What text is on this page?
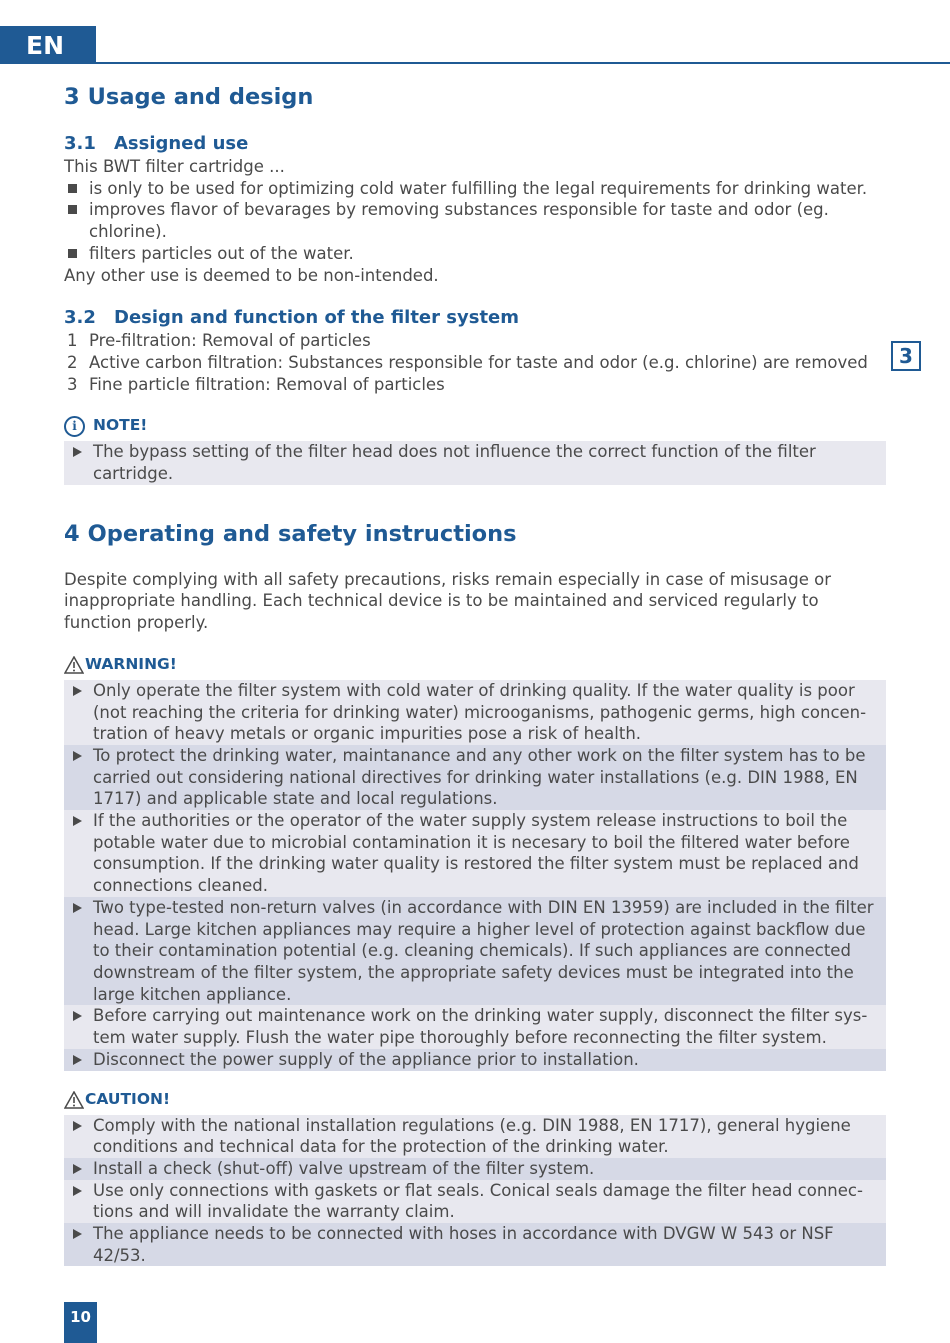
EN
3
3 Usage and design
3.1 Assigned use

This BWT filter cartridge ...

is only to be used for optimizing cold water fulfilling the legal requirements for drinking water.
improves flavor of bevarages by removing substances responsible for taste and odor (eg. chlorine).
filters particles out of the water.

Any other use is deemed to be non-intended.

3.2 Design and function of the filter system
1 Pre-filtration: Removal of particles
2 Active carbon filtration: Substances responsible for taste and odor (e.g. chlorine) are removed
3 Fine particle filtration: Removal of particles
i	NOTE!
The bypass setting of the filter head does not influence the correct function of the filter cartridge.
4 Operating and safety instructions

Despite complying with all safety precautions, risks remain especially in case of misusage or inappropriate handling. Each technical device is to be maintained and serviced regularly to function properly.

WARNING!
Only operate the filter system with cold water of drinking quality. If the water quality is poor (not reaching the criteria for drinking water) microoganisms, pathogenic germs, high concen-tration of heavy metals or organic impurities pose a risk of health.
To protect the drinking water, maintanance and any other work on the filter system has to be carried out considering national directives for drinking water installations (e.g. DIN 1988, EN 1717) and applicable state and local regulations.
If the authorities or the operator of the water supply system release instructions to boil the potable water due to microbial contamination it is necesary to boil the filtered water before consumption. If the drinking water quality is restored the filter system must be replaced and connections cleaned.
Two type-tested non-return valves (in accordance with DIN EN 13959) are included in the filter head. Large kitchen appliances may require a higher level of protection against backflow due to their contamination potential (e.g. cleaning chemicals). If such appliances are connected downstream of the filter system, the appropriate safety devices must be integrated into the large kitchen appliance.
Before carrying out maintenance work on the drinking water supply, disconnect the filter sys-tem water supply. Flush the water pipe thoroughly before reconnecting the filter system.
Disconnect the power supply of the appliance prior to installation.
CAUTION!
Comply with the national installation regulations (e.g. DIN 1988, EN 1717), general hygiene conditions and technical data for the protection of the drinking water.
Install a check (shut-off) valve upstream of the filter system.
Use only connections with gaskets or flat seals. Conical seals damage the filter head connec-tions and will invalidate the warranty claim.
The appliance needs to be connected with hoses in accordance with DVGW W 543 or NSF 42/53.
10
